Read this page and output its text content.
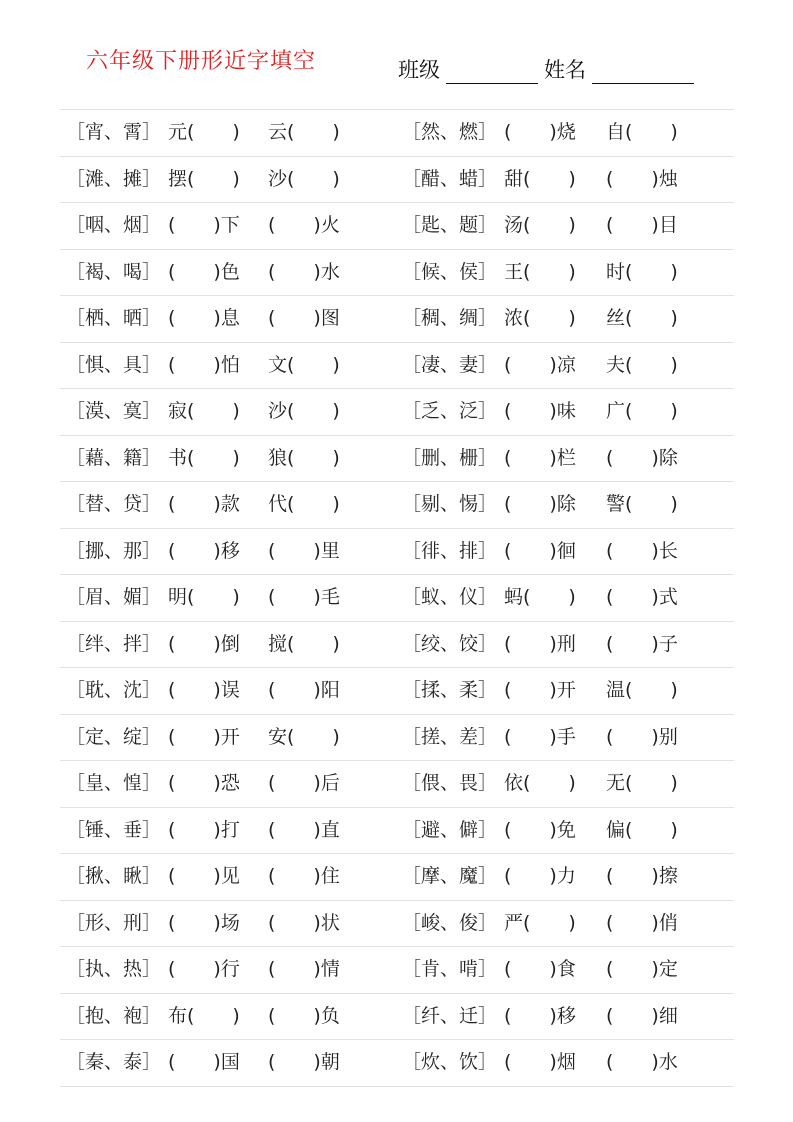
六年级下册形近字填空	班级	姓名
［宵、霄］ 元(　　) 云(　　)	［然、燃］ (　　)烧 自(　　)
［滩、摊］ 摆(　　) 沙(　　)	［醋、蜡］ 甜(　　) (　　)烛
［咽、烟］ (　　)下 (　　)火	［匙、题］ 汤(　　) (　　)目
［褐、喝］ (　　)色 (　　)水	［候、侯］ 王(　　) 时(　　)
［栖、晒］ (　　)息 (　　)图	［稠、绸］ 浓(　　) 丝(　　)
［惧、具］ (　　)怕 文(　　)	［凄、妻］ (　　)凉 夫(　　)
［漠、寞］ 寂(　　) 沙(　　)	［乏、泛］ (　　)味 广(　　)
［藉、籍］ 书(　　) 狼(　　)	［删、栅］ (　　)栏 (　　)除
［替、贷］ (　　)款 代(　　)	［剔、惕］ (　　)除 警(　　)
［挪、那］ (　　)移 (　　)里	［徘、排］ (　　)徊 (　　)长
［眉、媚］ 明(　　) (　　)毛	［蚁、仪］ 蚂(　　) (　　)式
［绊、拌］ (　　)倒 搅(　　)	［绞、饺］ (　　)刑 (　　)子
［耽、沈］ (　　)误 (　　)阳	［揉、柔］ (　　)开 温(　　)
［定、绽］ (　　)开 安(　　)	［搓、差］ (　　)手 (　　)别
［皇、惶］ (　　)恐 (　　)后	［偎、畏］ 依(　　) 无(　　)
［锤、垂］ (　　)打 (　　)直	［避、僻］ (　　)免 偏(　　)
［揪、瞅］ (　　)见 (　　)住	［摩、魔］ (　　)力 (　　)擦
［形、刑］ (　　)场 (　　)状	［峻、俊］ 严(　　) (　　)俏
［执、热］ (　　)行 (　　)情	［肯、啃］ (　　)食 (　　)定
［抱、袍］ 布(　　) (　　)负	［纤、迁］ (　　)移 (　　)细
［秦、泰］ (　　)国 (　　)朝	［炊、饮］ (　　)烟 (　　)水
